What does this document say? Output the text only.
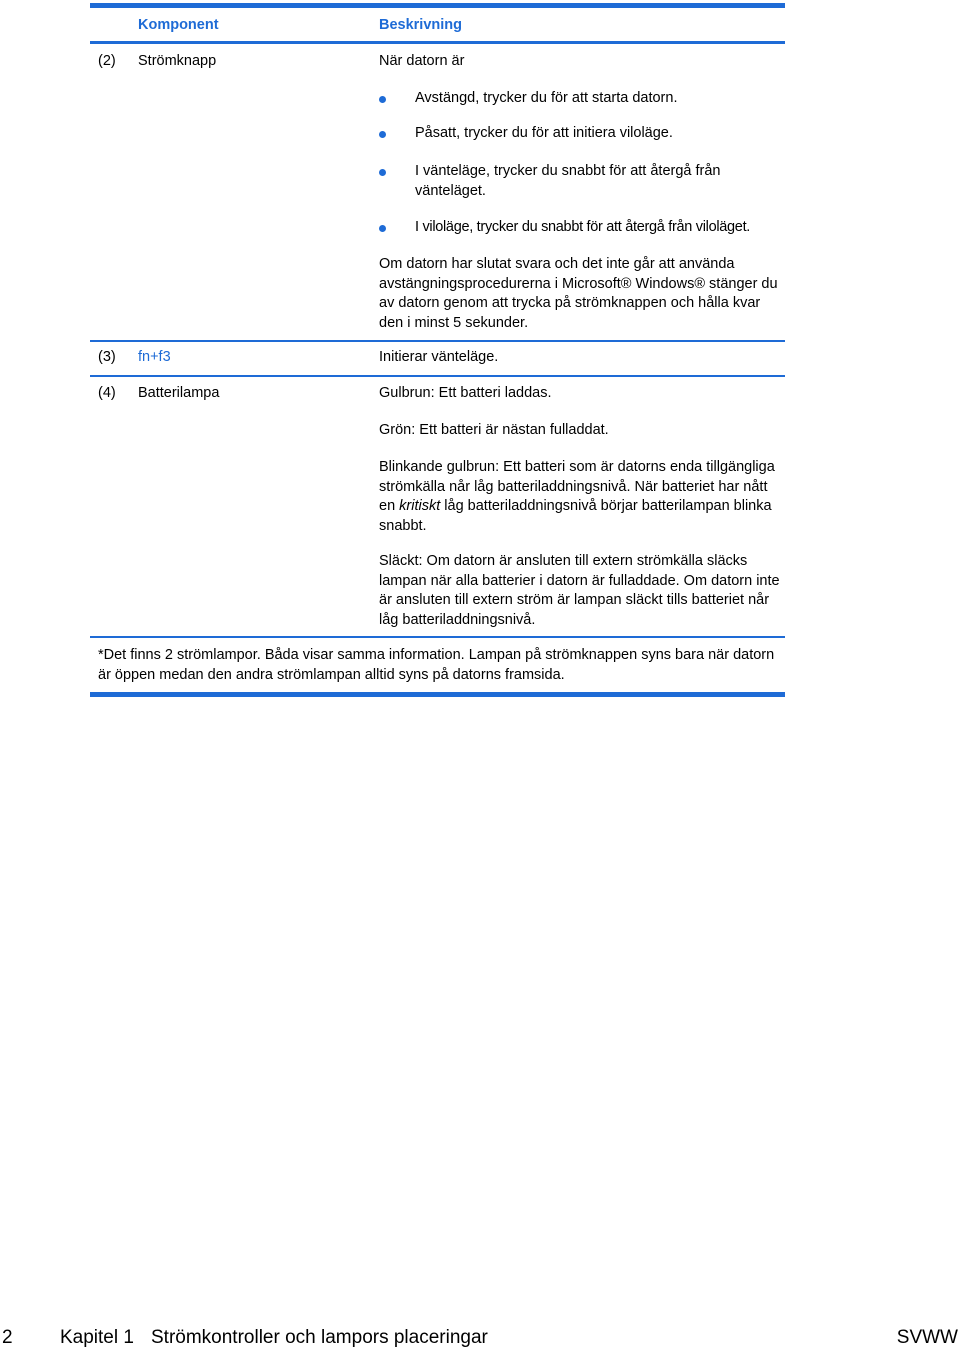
Komponent	Beskrivning
(2) Strömknapp	När datorn är
Avstängd, trycker du för att starta datorn.
Påsatt, trycker du för att initiera viloläge.
I vänteläge, trycker du snabbt för att återgå från vänteläget.
I viloläge, trycker du snabbt för att återgå från viloläget.
Om datorn har slutat svara och det inte går att använda avstängningsprocedurerna i Microsoft® Windows® stänger du av datorn genom att trycka på strömknappen och hålla kvar den i minst 5 sekunder.
(3) fn+f3	Initierar vänteläge.
(4) Batterilampa	Gulbrun: Ett batteri laddas.
Grön: Ett batteri är nästan fulladdat.
Blinkande gulbrun: Ett batteri som är datorns enda tillgängliga strömkälla når låg batteriladdningsnivå. När batteriet har nått en kritiskt låg batteriladdningsnivå börjar batterilampan blinka snabbt.
Släckt: Om datorn är ansluten till extern strömkälla släcks lampan när alla batterier i datorn är fulladdade. Om datorn inte är ansluten till extern ström är lampan släckt tills batteriet når låg batteriladdningsnivå.
*Det finns 2 strömlampor. Båda visar samma information. Lampan på strömknappen syns bara när datorn är öppen medan den andra strömlampan alltid syns på datorns framsida.
2 Kapitel 1 Strömkontroller och lampors placeringar	SVWW
